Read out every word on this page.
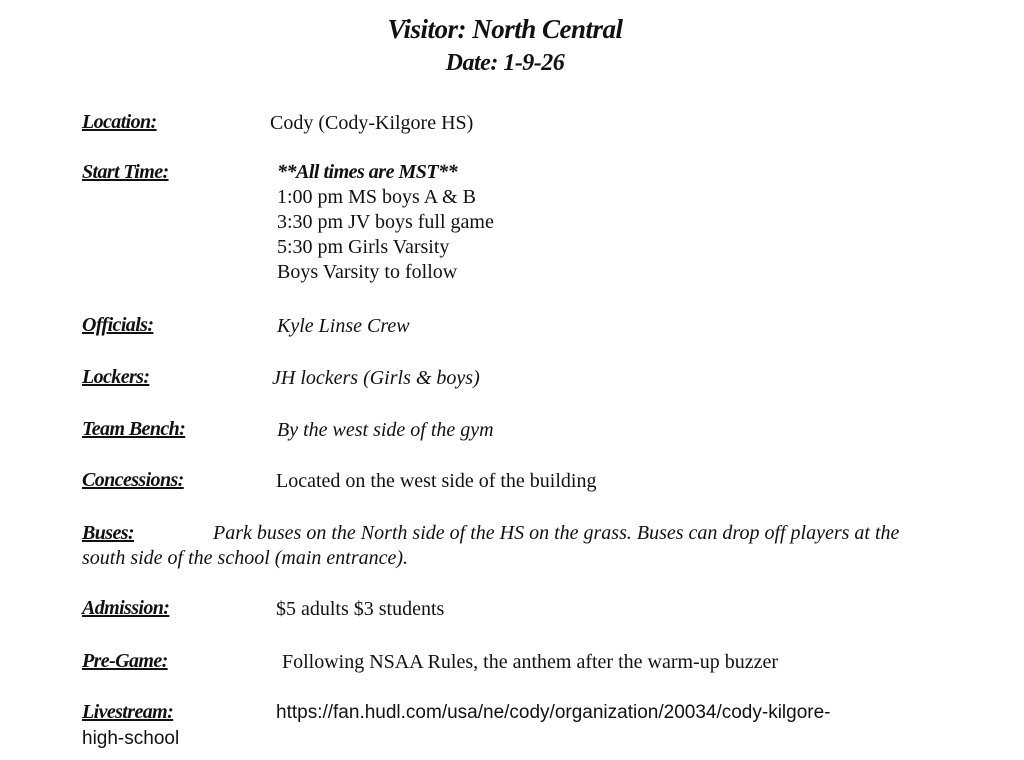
Visitor: North Central
Date: 1-9-26
Location:	Cody (Cody-Kilgore HS)
Start Time:	**All times are MST**
1:00 pm MS boys A & B
3:30 pm JV boys full game
5:30 pm Girls Varsity
Boys Varsity to follow
Officials:	Kyle Linse Crew
Lockers:	JH lockers (Girls & boys)
Team Bench:	By the west side of the gym
Concessions:	Located on the west side of the building
Buses:	Park buses on the North side of the HS on the grass. Buses can drop off players at the south side of the school (main entrance).
Admission:	$5 adults $3 students
Pre-Game:	Following NSAA Rules, the anthem after the warm-up buzzer
Livestream:	https://fan.hudl.com/usa/ne/cody/organization/20034/cody-kilgore-
high-school
